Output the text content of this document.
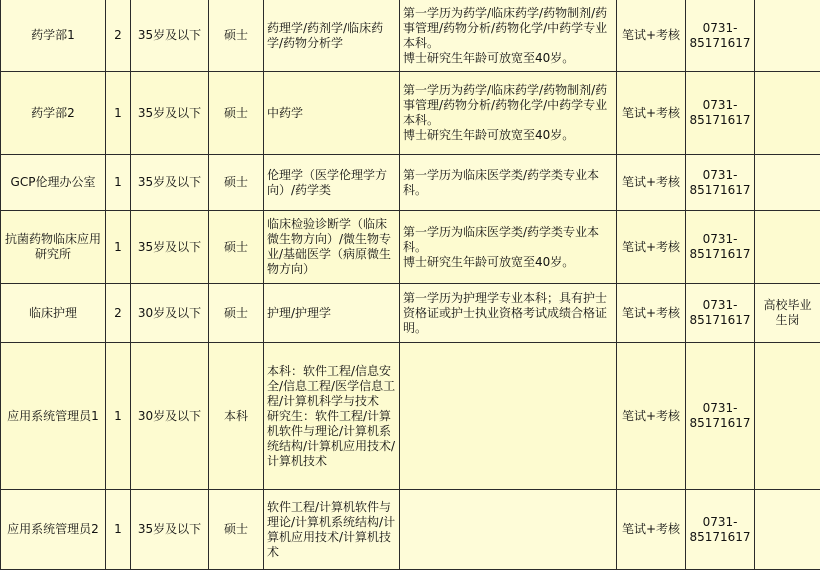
药学部1	2	35岁及以下	硕士	药理学/药剂学/临床药学/药物分析学	第一学历为药学/临床药学/药物制剂/药事管理/药物分析/药物化学/中药学专业本科。
博士研究生年龄可放宽至40岁。	笔试+考核	0731-85171617	
药学部2	1	35岁及以下	硕士	中药学	第一学历为药学/临床药学/药物制剂/药事管理/药物分析/药物化学/中药学专业本科。
博士研究生年龄可放宽至40岁。	笔试+考核	0731-85171617	
GCP伦理办公室	1	35岁及以下	硕士	伦理学（医学伦理学方向）/药学类	第一学历为临床医学类/药学类专业本科。	笔试+考核	0731-85171617	
抗菌药物临床应用研究所	1	35岁及以下	硕士	临床检验诊断学（临床微生物方向）/微生物专业/基础医学（病原微生物方向）	第一学历为临床医学类/药学类专业本科。
博士研究生年龄可放宽至40岁。	笔试+考核	0731-85171617	
临床护理	2	30岁及以下	硕士	护理/护理学	第一学历为护理学专业本科；具有护士资格证或护士执业资格考试成绩合格证明。	笔试+考核	0731-85171617	高校毕业生岗
应用系统管理员1	1	30岁及以下	本科	本科：软件工程/信息安全/信息工程/医学信息工程/计算机科学与技术
研究生：软件工程/计算机软件与理论/计算机系统结构/计算机应用技术/计算机技术		笔试+考核	0731-85171617	
应用系统管理员2	1	35岁及以下	硕士	软件工程/计算机软件与理论/计算机系统结构/计算机应用技术/计算机技术		笔试+考核	0731-85171617	
